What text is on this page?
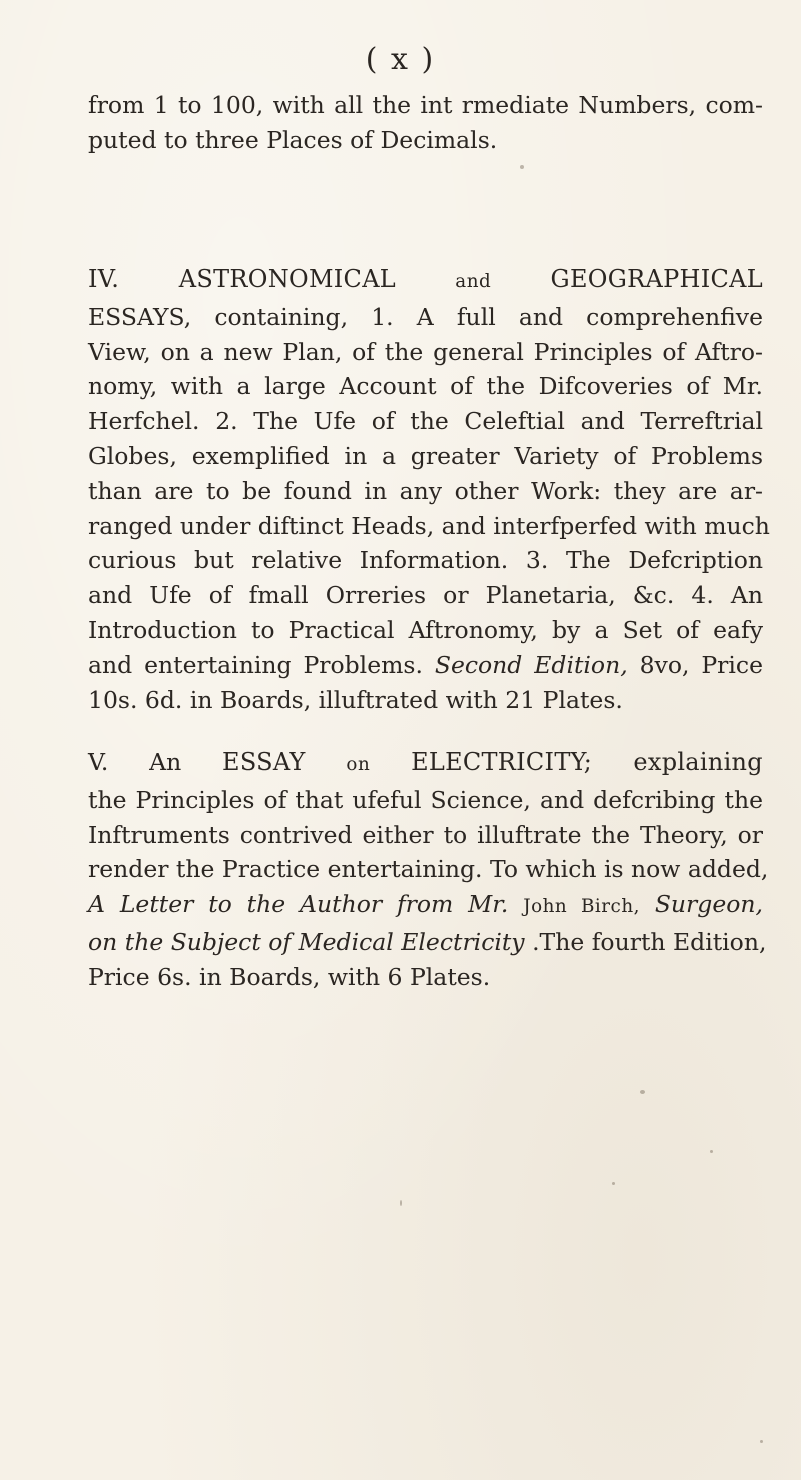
( x )
from 1 to 100, with all the int rmediate Numbers, com-
puted to three Places of Decimals.
IV. ASTRONOMICAL	and GEOGRAPHICAL
ESSAYS, containing, 1. A full and comprehenfive
View, on a new Plan, of the general Principles of Aftro-
nomy, with a large Account of the Difcoveries of Mr.
Herfchel. 2. The Ufe of the Celeftial and Terreftrial
Globes, exemplified in a greater Variety of Problems
than are to be found in any other Work: they are ar-
ranged under diftinct Heads, and interfperfed with much
curious but relative Information. 3. The Defcription
and Ufe of fmall Orreries or Planetaria, &c. 4. An
Introduction to Practical Aftronomy, by a Set of eafy
and entertaining Problems. Second Edition, 8vo, Price
10s. 6d. in Boards, illuftrated with 21 Plates.
V. An ESSAY on ELECTRICITY; explaining
the Principles of that ufeful Science, and defcribing the
Inftruments contrived either to illuftrate the Theory, or
render the Practice entertaining. To which is now added,
A Letter to the Author from Mr. John Birch, Surgeon,
on the Subject of Medical Electricity .The fourth Edition,
Price 6s. in Boards, with 6 Plates.
